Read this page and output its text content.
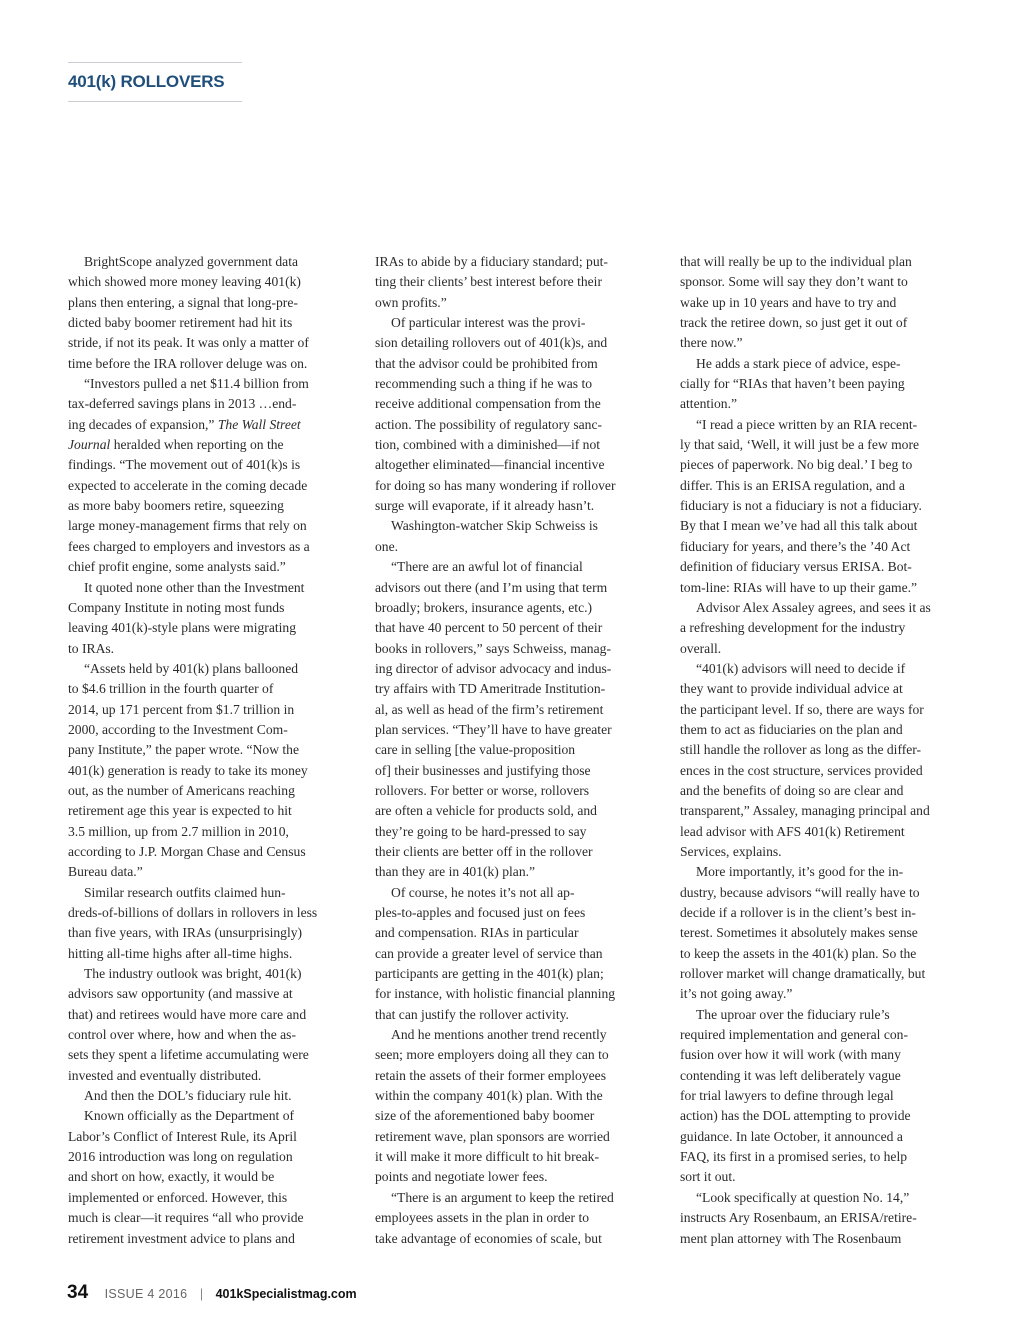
401(k) ROLLOVERS
BrightScope analyzed government data
which showed more money leaving 401(k)
plans then entering, a signal that long-pre-
dicted baby boomer retirement had hit its
stride, if not its peak. It was only a matter of
time before the IRA rollover deluge was on.
“Investors pulled a net $11.4 billion from
tax-deferred savings plans in 2013 …end-
ing decades of expansion,” The Wall Street
Journal heralded when reporting on the
findings. “The movement out of 401(k)s is
expected to accelerate in the coming decade
as more baby boomers retire, squeezing
large money-management firms that rely on
fees charged to employers and investors as a
chief profit engine, some analysts said.”
It quoted none other than the Investment
Company Institute in noting most funds
leaving 401(k)-style plans were migrating
to IRAs.
“Assets held by 401(k) plans ballooned
to $4.6 trillion in the fourth quarter of
2014, up 171 percent from $1.7 trillion in
2000, according to the Investment Com-
pany Institute,” the paper wrote. “Now the
401(k) generation is ready to take its money
out, as the number of Americans reaching
retirement age this year is expected to hit
3.5 million, up from 2.7 million in 2010,
according to J.P. Morgan Chase and Census
Bureau data.”
Similar research outfits claimed hun-
dreds-of-billions of dollars in rollovers in less
than five years, with IRAs (unsurprisingly)
hitting all-time highs after all-time highs.
The industry outlook was bright, 401(k)
advisors saw opportunity (and massive at
that) and retirees would have more care and
control over where, how and when the as-
sets they spent a lifetime accumulating were
invested and eventually distributed.
And then the DOL’s fiduciary rule hit.
Known officially as the Department of
Labor’s Conflict of Interest Rule, its April
2016 introduction was long on regulation
and short on how, exactly, it would be
implemented or enforced. However, this
much is clear—it requires “all who provide
retirement investment advice to plans and
IRAs to abide by a fiduciary standard; put-
ting their clients’ best interest before their
own profits.”
Of particular interest was the provi-
sion detailing rollovers out of 401(k)s, and
that the advisor could be prohibited from
recommending such a thing if he was to
receive additional compensation from the
action. The possibility of regulatory sanc-
tion, combined with a diminished—if not
altogether eliminated—financial incentive
for doing so has many wondering if rollover
surge will evaporate, if it already hasn’t.
Washington-watcher Skip Schweiss is
one.
“There are an awful lot of financial
advisors out there (and I’m using that term
broadly; brokers, insurance agents, etc.)
that have 40 percent to 50 percent of their
books in rollovers,” says Schweiss, manag-
ing director of advisor advocacy and indus-
try affairs with TD Ameritrade Institution-
al, as well as head of the firm’s retirement
plan services. “They’ll have to have greater
care in selling [the value-proposition
of] their businesses and justifying those
rollovers. For better or worse, rollovers
are often a vehicle for products sold, and
they’re going to be hard-pressed to say
their clients are better off in the rollover
than they are in 401(k) plan.”
Of course, he notes it’s not all ap-
ples-to-apples and focused just on fees
and compensation. RIAs in particular
can provide a greater level of service than
participants are getting in the 401(k) plan;
for instance, with holistic financial planning
that can justify the rollover activity.
And he mentions another trend recently
seen; more employers doing all they can to
retain the assets of their former employees
within the company 401(k) plan. With the
size of the aforementioned baby boomer
retirement wave, plan sponsors are worried
it will make it more difficult to hit break-
points and negotiate lower fees.
“There is an argument to keep the retired
employees assets in the plan in order to
take advantage of economies of scale, but
that will really be up to the individual plan
sponsor. Some will say they don’t want to
wake up in 10 years and have to try and
track the retiree down, so just get it out of
there now.”
He adds a stark piece of advice, espe-
cially for “RIAs that haven’t been paying
attention.”
“I read a piece written by an RIA recent-
ly that said, ‘Well, it will just be a few more
pieces of paperwork. No big deal.’ I beg to
differ. This is an ERISA regulation, and a
fiduciary is not a fiduciary is not a fiduciary.
By that I mean we’ve had all this talk about
fiduciary for years, and there’s the ’40 Act
definition of fiduciary versus ERISA. Bot-
tom-line: RIAs will have to up their game.”
Advisor Alex Assaley agrees, and sees it as
a refreshing development for the industry
overall.
“401(k) advisors will need to decide if
they want to provide individual advice at
the participant level. If so, there are ways for
them to act as fiduciaries on the plan and
still handle the rollover as long as the differ-
ences in the cost structure, services provided
and the benefits of doing so are clear and
transparent,” Assaley, managing principal and
lead advisor with AFS 401(k) Retirement
Services, explains.
More importantly, it’s good for the in-
dustry, because advisors “will really have to
decide if a rollover is in the client’s best in-
terest. Sometimes it absolutely makes sense
to keep the assets in the 401(k) plan. So the
rollover market will change dramatically, but
it’s not going away.”
The uproar over the fiduciary rule’s
required implementation and general con-
fusion over how it will work (with many
contending it was left deliberately vague
for trial lawyers to define through legal
action) has the DOL attempting to provide
guidance. In late October, it announced a
FAQ, its first in a promised series, to help
sort it out.
“Look specifically at question No. 14,”
instructs Ary Rosenbaum, an ERISA/retire-
ment plan attorney with The Rosenbaum
34 ISSUE 4 2016 | 401kSpecialistmag.com
